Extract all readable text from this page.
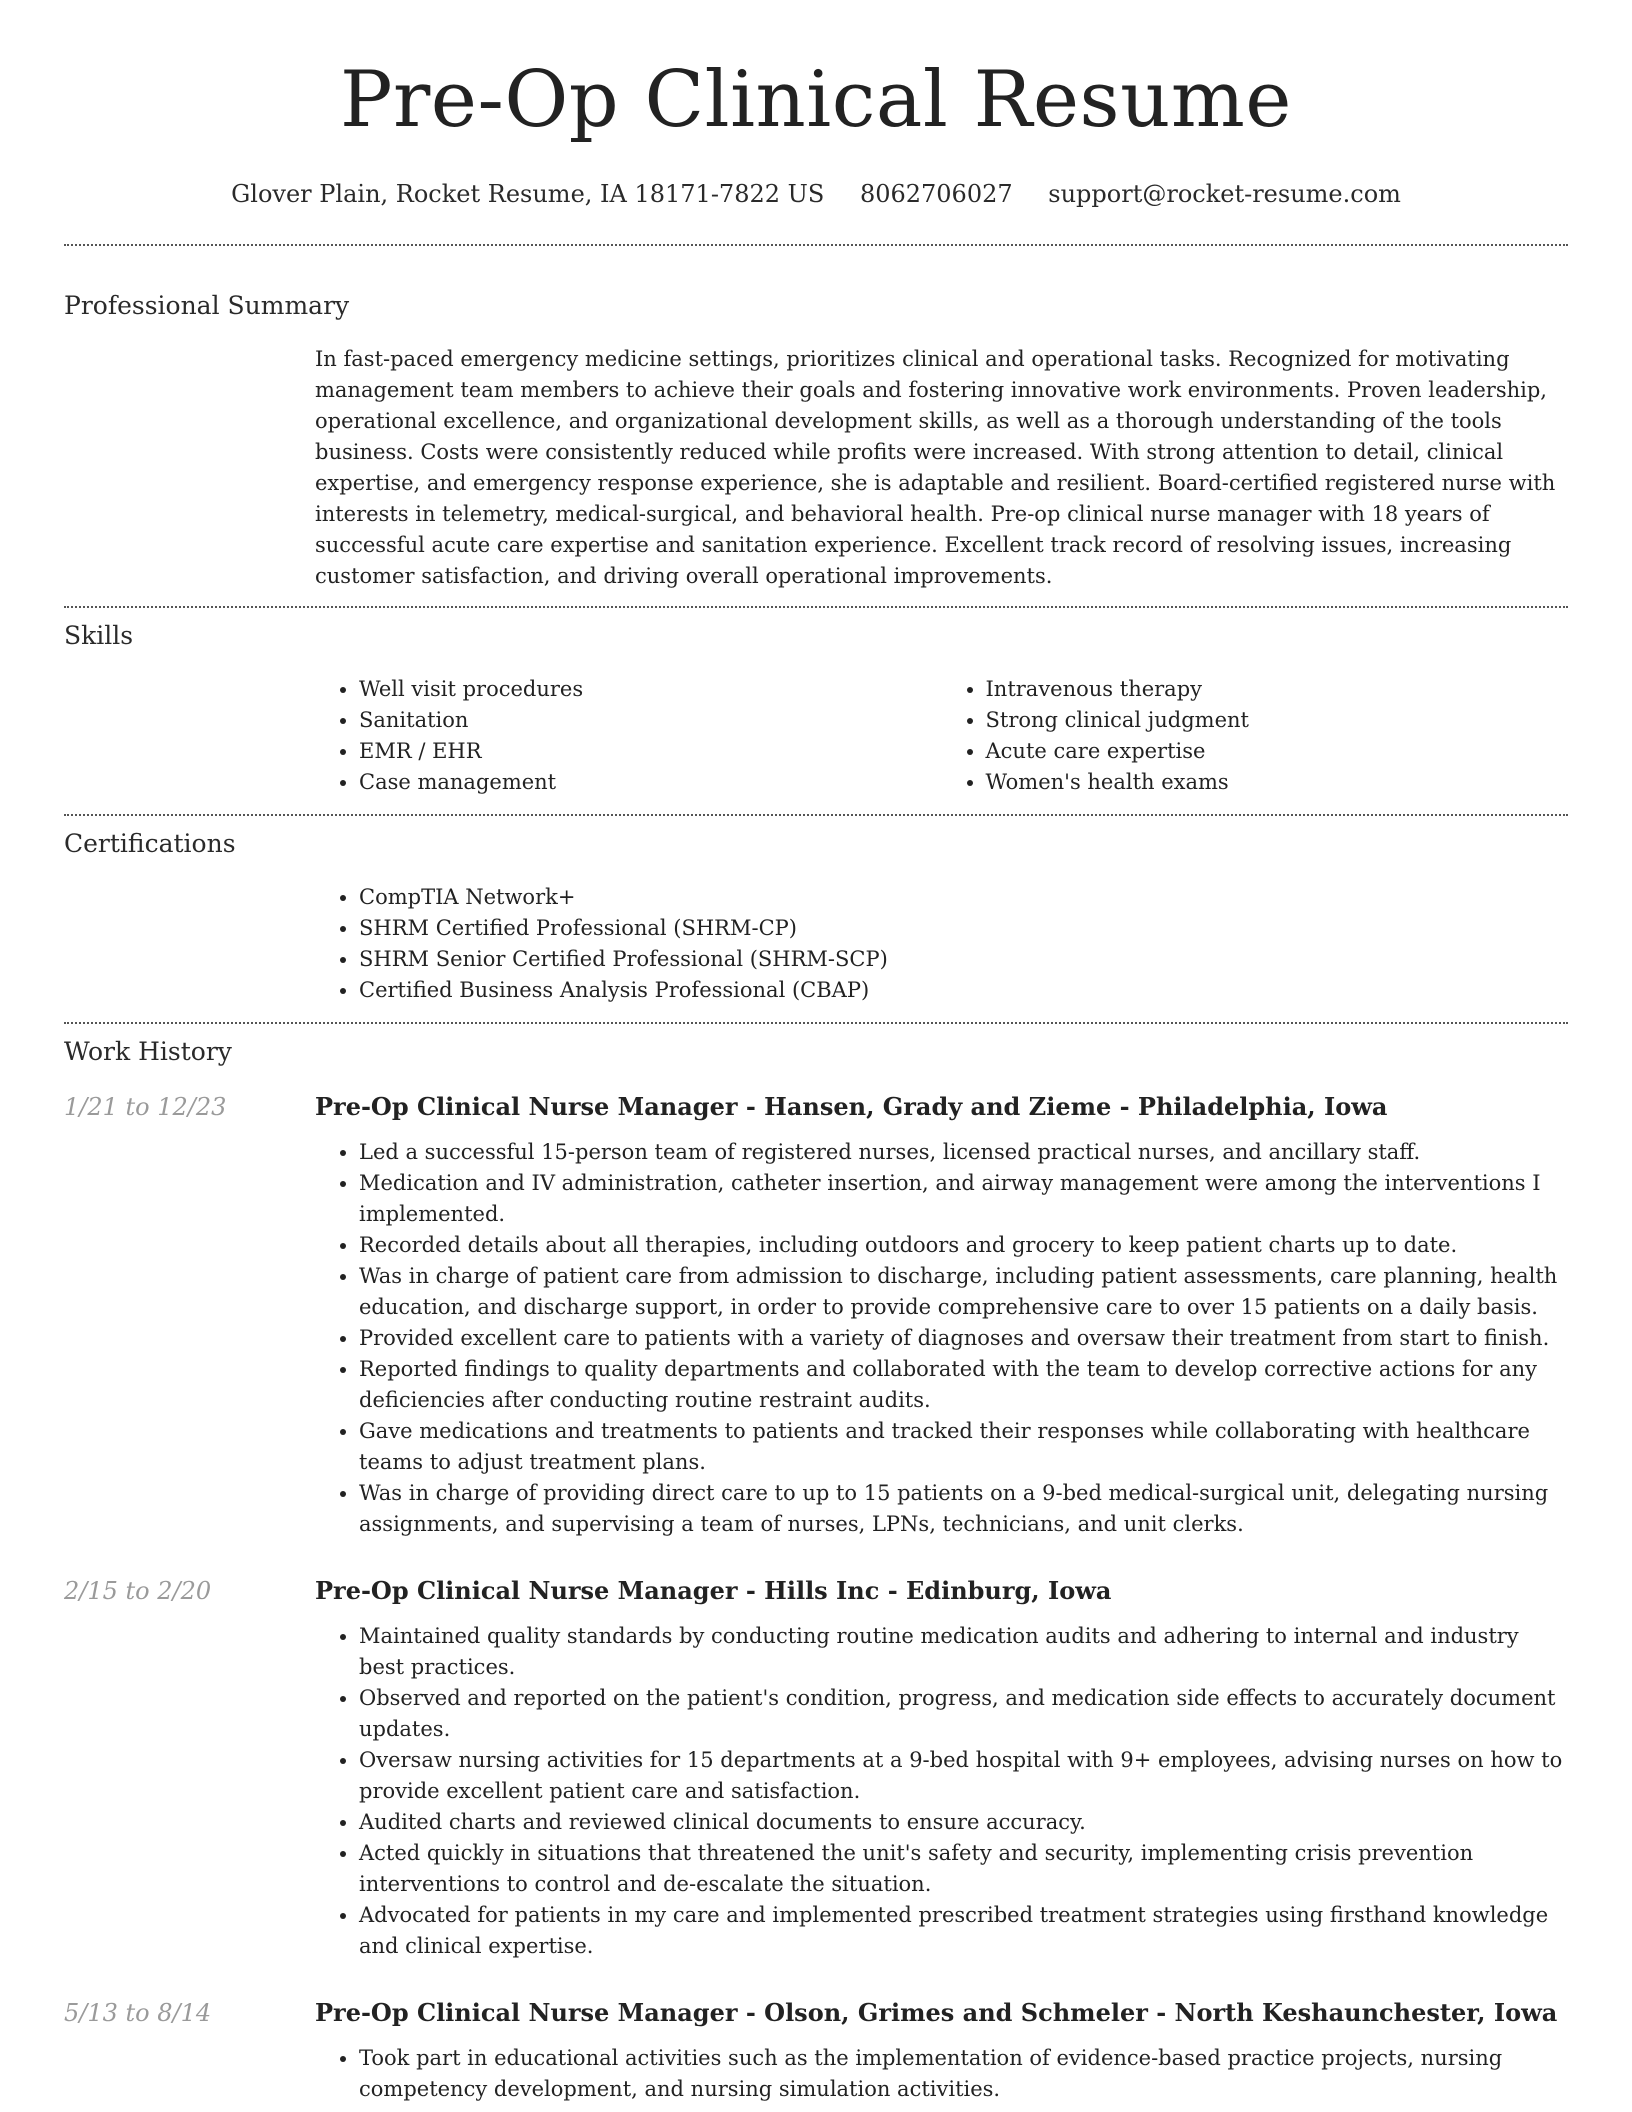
Pre-Op Clinical Resume
Glover Plain, Rocket Resume, IA 18171-7822 US 8062706027 support@rocket-resume.com
Professional Summary

In fast-paced emergency medicine settings, prioritizes clinical and operational tasks. Recognized for motivating management team members to achieve their goals and fostering innovative work environments. Proven leadership, operational excellence, and organizational development skills, as well as a thorough understanding of the tools business. Costs were consistently reduced while profits were increased. With strong attention to detail, clinical expertise, and emergency response experience, she is adaptable and resilient. Board-certified registered nurse with interests in telemetry, medical-surgical, and behavioral health. Pre-op clinical nurse manager with 18 years of successful acute care expertise and sanitation experience. Excellent track record of resolving issues, increasing customer satisfaction, and driving overall operational improvements.

Skills
• Well visit procedures
• Sanitation
• EMR / EHR
• Case management
• Intravenous therapy
• Strong clinical judgment
• Acute care expertise
• Women's health exams
Certifications
• CompTIA Network+
• SHRM Certified Professional (SHRM-CP)
• SHRM Senior Certified Professional (SHRM-SCP)
• Certified Business Analysis Professional (CBAP)
Work History
1/21 to 12/23	Pre-Op Clinical Nurse Manager - Hansen, Grady and Zieme - Philadelphia, Iowa
• Led a successful 15-person team of registered nurses, licensed practical nurses, and ancillary staff.
• Medication and IV administration, catheter insertion, and airway management were among the interventions I implemented.
• Recorded details about all therapies, including outdoors and grocery to keep patient charts up to date.
• Was in charge of patient care from admission to discharge, including patient assessments, care planning, health education, and discharge support, in order to provide comprehensive care to over 15 patients on a daily basis.
• Provided excellent care to patients with a variety of diagnoses and oversaw their treatment from start to finish.
• Reported findings to quality departments and collaborated with the team to develop corrective actions for any deficiencies after conducting routine restraint audits.
• Gave medications and treatments to patients and tracked their responses while collaborating with healthcare teams to adjust treatment plans.
• Was in charge of providing direct care to up to 15 patients on a 9-bed medical-surgical unit, delegating nursing assignments, and supervising a team of nurses, LPNs, technicians, and unit clerks.
2/15 to 2/20	Pre-Op Clinical Nurse Manager - Hills Inc - Edinburg, Iowa
• Maintained quality standards by conducting routine medication audits and adhering to internal and industry best practices.
• Observed and reported on the patient's condition, progress, and medication side effects to accurately document updates.
• Oversaw nursing activities for 15 departments at a 9-bed hospital with 9+ employees, advising nurses on how to provide excellent patient care and satisfaction.
• Audited charts and reviewed clinical documents to ensure accuracy.
• Acted quickly in situations that threatened the unit's safety and security, implementing crisis prevention interventions to control and de-escalate the situation.
• Advocated for patients in my care and implemented prescribed treatment strategies using firsthand knowledge and clinical expertise.
5/13 to 8/14	Pre-Op Clinical Nurse Manager - Olson, Grimes and Schmeler - North Keshaunchester, Iowa
• Took part in educational activities such as the implementation of evidence-based practice projects, nursing competency development, and nursing simulation activities.
